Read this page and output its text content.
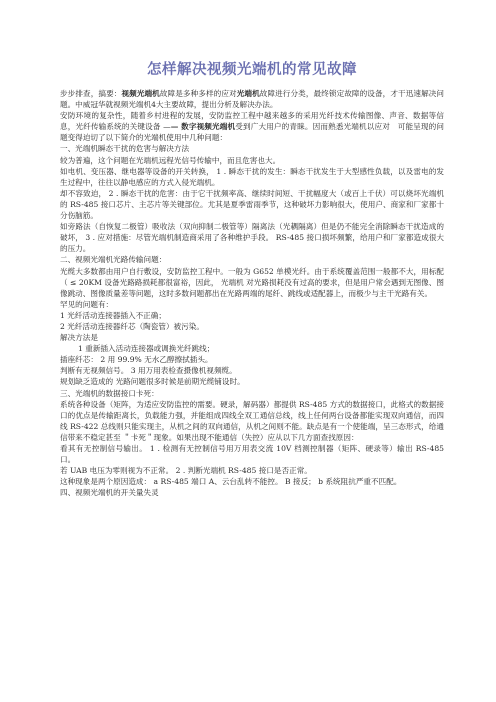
怎样解决视频光端机的常见故障

步步排查，搞要：视频光端机故障是多种多样的应对光端机故障进行分类，最终锁定故障的设备，才干迅速解决问题。中威冠华就视频光端机4大主要故障，提出分析及解决办法。

安防环境的复杂性，随着乡村进程的发展，安防监控工程中越来越多的采用光纤技术传输图像、声音、数据等信息，光纤传输系统的关键设备 —— 数字视频光端机受到广大用户的青睐。因而熟悉光端机以应对　可能呈现的问题变得迫切了以下简介的光端机使用中几种问题：

一、光端机瞬态干扰的危害与解决方法

较为普遍，这个问题在光端机远程光信号传输中，而且危害也大。

如电机、变压器、继电器等设备的开关转换， 1 . 瞬态干扰的发生：瞬态干扰发生于大型感性负载，以及雷电的发生过程中，往往以静电感应的方式入侵光端机。

却不容致迫， 2 . 瞬态干扰的危害：由于它干扰频率高、继续时间短、干扰幅度大（或百上千伏）可以烧坏光端机的 RS-485 接口芯片、主芯片等关键部位。尤其是夏季雷雨季节，这种破坏力影响很大，使用户、商家和厂家都十分伤脑筋。

如旁路法（自恢复二极管）吸收法（双向抑制二极管等）隔离法（光耦隔离）但是仍不能完全消除瞬态干扰造成的破坏， 3 . 应对措施：尽管光端机制造商采用了各种维护手段。 RS-485 接口损坏频繁，给用户和厂家都造成很大的压力。

二、视频光端机光路传输问题：

光缆大多数都由用户自行敷设，安防监控工程中。一般为 G652 单模光纤。由于系统覆盖范围一般都不大，用标配（ ≤ 20KM 设备光路路损耗都很富裕，因此， 光端机 对光路损耗没有过高的要求，但是用户常会遇到无图像、图像跳动、图像质量差等问题，这时多数问题都出在光路两端的尾纤、跳线或适配器上，而极少与主干光路有关。

罕见的问题有：

1 光纤活动连接器插入不正确；

2 光纤活动连接器纤芯（陶瓷管）被污染。

解决方法是

1 重新插入活动连接器或调换光纤跳线；

插座纤芯： 2 用 99.9% 无水乙醇擦拭插头。

判断有无视频信号。 3 用万用表检查摄像机视频缆。

规划缺乏造成的 光路问题很多时候是前期光缆铺设时。

三、光端机的数据接口卡死：

系统各种设备（矩阵，为适应安防监控的需要。硬录，解码器）都提供 RS-485 方式的数据接口，此格式的数据接口的优点是传输距离长，负载能力强，并能组成四线全双工通信总线，线上任何两台设备都能实现双向通信，而四线 RS-422 总线则只能实现主，从机之间的双向通信，从机之间则不能。缺点是有一个使能端，呈三态形式，给通信带来不稳定甚至 ＂卡死＂现象。如果出现不能通信（失控）应从以下几方面查找原因：

看其有无控制信号输出。 1 . 检测有无控制信号用万用表交流 10V 档测控制器（矩阵、硬录等）输出 RS-485 口。

若 UAB 电压为零则视为不正常。 2 . 判断光端机 RS-485 接口是否正常。

这种现象是两个原因造成： a RS-485 端口 A、云台乱转不能控。 B 接反； b 系统阻抗严重不匹配。

四、视频光端机的开关量失灵
